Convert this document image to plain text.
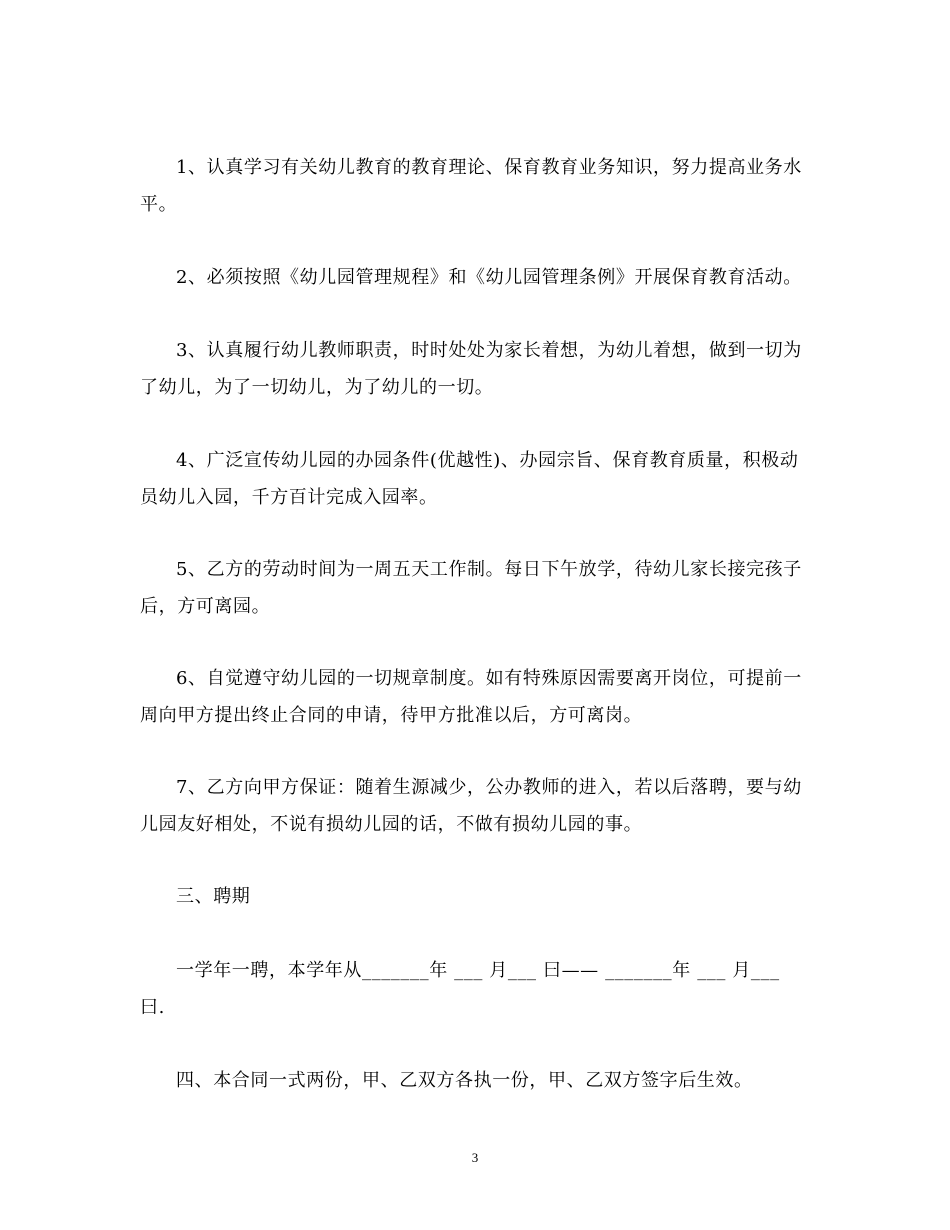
1、认真学习有关幼儿教育的教育理论、保育教育业务知识，努力提高业务水平。

2、必须按照《幼儿园管理规程》和《幼儿园管理条例》开展保育教育活动。

3、认真履行幼儿教师职责，时时处处为家长着想，为幼儿着想，做到一切为了幼儿，为了一切幼儿，为了幼儿的一切。

4、广泛宣传幼儿园的办园条件(优越性)、办园宗旨、保育教育质量，积极动员幼儿入园，千方百计完成入园率。

5、乙方的劳动时间为一周五天工作制。每日下午放学，待幼儿家长接完孩子后，方可离园。

6、自觉遵守幼儿园的一切规章制度。如有特殊原因需要离开岗位，可提前一周向甲方提出终止合同的申请，待甲方批准以后，方可离岗。

7、乙方向甲方保证：随着生源减少，公办教师的进入，若以后落聘，要与幼儿园友好相处，不说有损幼儿园的话，不做有损幼儿园的事。

三、聘期

一学年一聘，本学年从_______年 ___ 月___ 曰—— _______年 ___ 月___ 曰.

四、本合同一式两份，甲、乙双方各执一份，甲、乙双方签字后生效。

3
